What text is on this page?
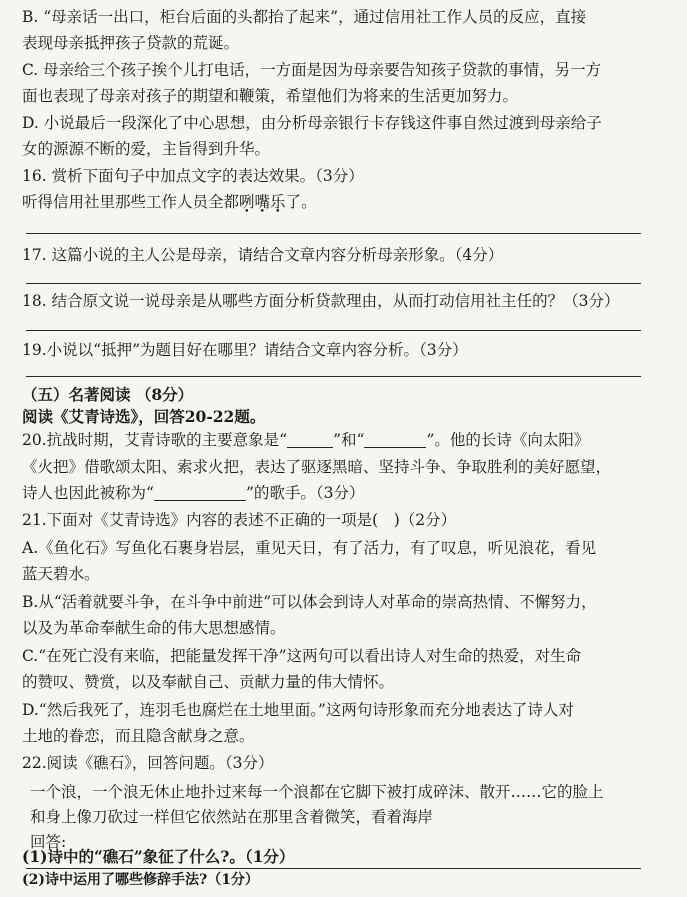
B. “母亲话一出口，柜台后面的头都抬了起来”，通过信用社工作人员的反应，直接
表现母亲抵押孩子贷款的荒诞。
C. 母亲给三个孩子挨个儿打电话，一方面是因为母亲要告知孩子贷款的事情，另一方
面也表现了母亲对孩子的期望和鞭策，希望他们为将来的生活更加努力。
D. 小说最后一段深化了中心思想，由分析母亲银行卡存钱这件事自然过渡到母亲给子
女的源源不断的爱，主旨得到升华。
16. 赏析下面句子中加点文字的表达效果。（3分）
听得信用社里那些工作人员全都咧嘴乐了。
17. 这篇小说的主人公是母亲，请结合文章内容分析母亲形象。（4分）
18. 结合原文说一说母亲是从哪些方面分析贷款理由，从而打动信用社主任的？（3分）
19.小说以“抵押”为题目好在哪里？请结合文章内容分析。（3分）
（五）名著阅读 （8分）
阅读《艾青诗选》，回答20-22题。
20.抗战时期，艾青诗歌的主要意象是“	”和“	”。他的长诗《向太阳》
《火把》借歌颂太阳、索求火把，表达了驱逐黑暗、坚持斗争、争取胜利的美好愿望，
诗人也因此被称为“	”的歌手。（3分）
21.下面对《艾青诗选》内容的表述不正确的一项是(　)（2分）
A.《鱼化石》写鱼化石裹身岩层，重见天日，有了活力，有了叹息，听见浪花，看见
蓝天碧水。
B.从“活着就要斗争，在斗争中前进”可以体会到诗人对革命的崇高热情、不懈努力，
以及为革命奉献生命的伟大思想感情。
C.“在死亡没有来临，把能量发挥干净”这两句可以看出诗人对生命的热爱，对生命
的赞叹、赞赏，以及奉献自己、贡献力量的伟大情怀。
D.“然后我死了，连羽毛也腐烂在土地里面。”这两句诗形象而充分地表达了诗人对
土地的眷恋，而且隐含献身之意。
22.阅读《礁石》，回答问题。（3分）
一个浪，一个浪无休止地扑过来每一个浪都在它脚下被打成碎沫、散开……它的脸上
和身上像刀砍过一样但它依然站在那里含着微笑，看着海岸
回答:
(1)诗中的“礁石”象征了什么?。（1分）
(2)诗中运用了哪些修辞手法?（1分）
